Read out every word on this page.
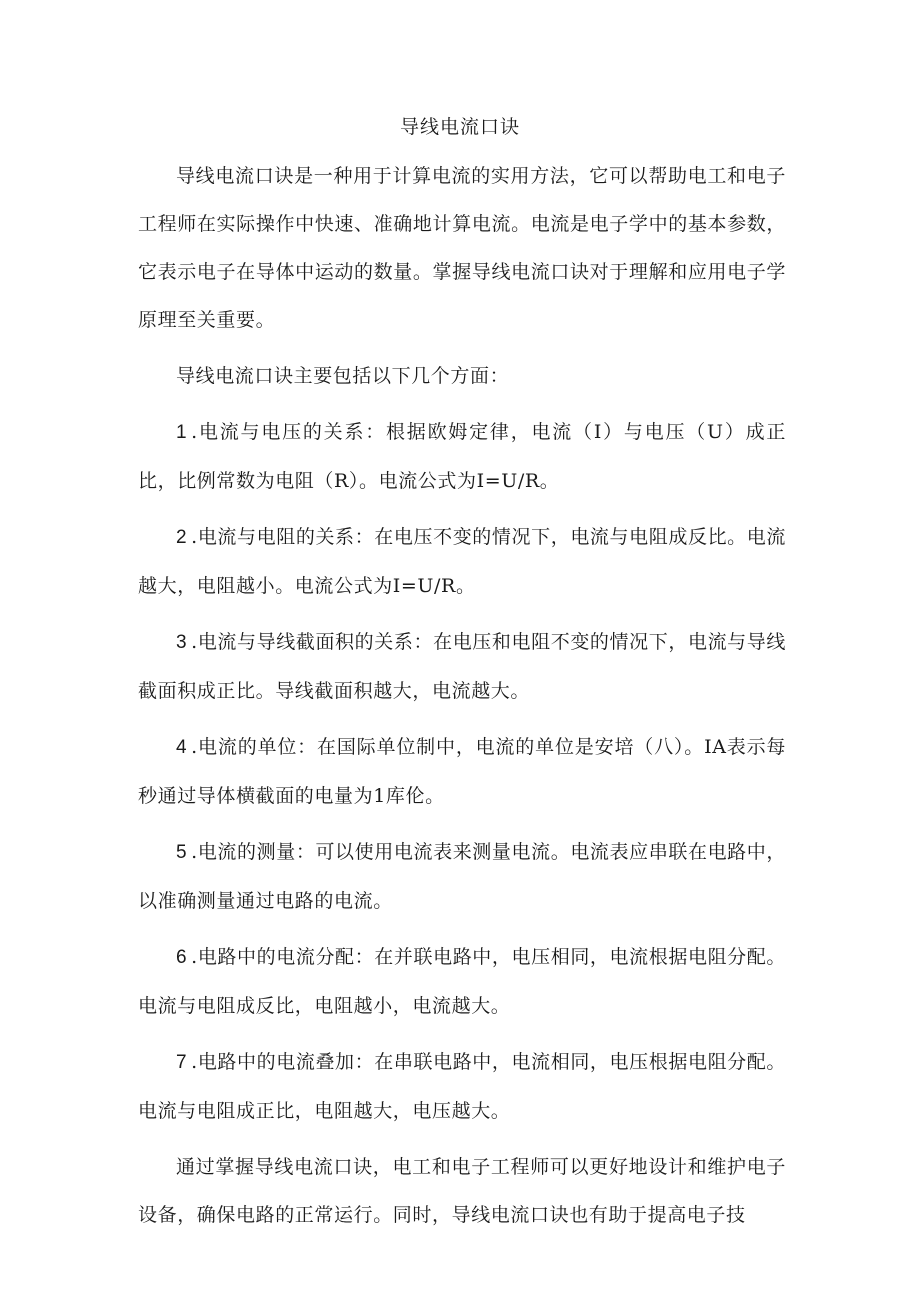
导线电流口诀

导线电流口诀是一种用于计算电流的实用方法，它可以帮助电工和电子工程师在实际操作中快速、准确地计算电流。电流是电子学中的基本参数，它表示电子在导体中运动的数量。掌握导线电流口诀对于理解和应用电子学原理至关重要。

导线电流口诀主要包括以下几个方面：

1 .电流与电压的关系：根据欧姆定律，电流（I）与电压（U）成正比，比例常数为电阻（R）。电流公式为I=U/R。

2 .电流与电阻的关系：在电压不变的情况下，电流与电阻成反比。电流越大，电阻越小。电流公式为I=U/R。

3 .电流与导线截面积的关系：在电压和电阻不变的情况下，电流与导线截面积成正比。导线截面积越大，电流越大。

4 .电流的单位：在国际单位制中，电流的单位是安培（八）。IA表示每秒通过导体横截面的电量为1库伦。

5 .电流的测量：可以使用电流表来测量电流。电流表应串联在电路中，以准确测量通过电路的电流。

6 .电路中的电流分配：在并联电路中，电压相同，电流根据电阻分配。电流与电阻成反比，电阻越小，电流越大。

7 .电路中的电流叠加：在串联电路中，电流相同，电压根据电阻分配。电流与电阻成正比，电阻越大，电压越大。

通过掌握导线电流口诀，电工和电子工程师可以更好地设计和维护电子设备，确保电路的正常运行。同时，导线电流口诀也有助于提高电子技
